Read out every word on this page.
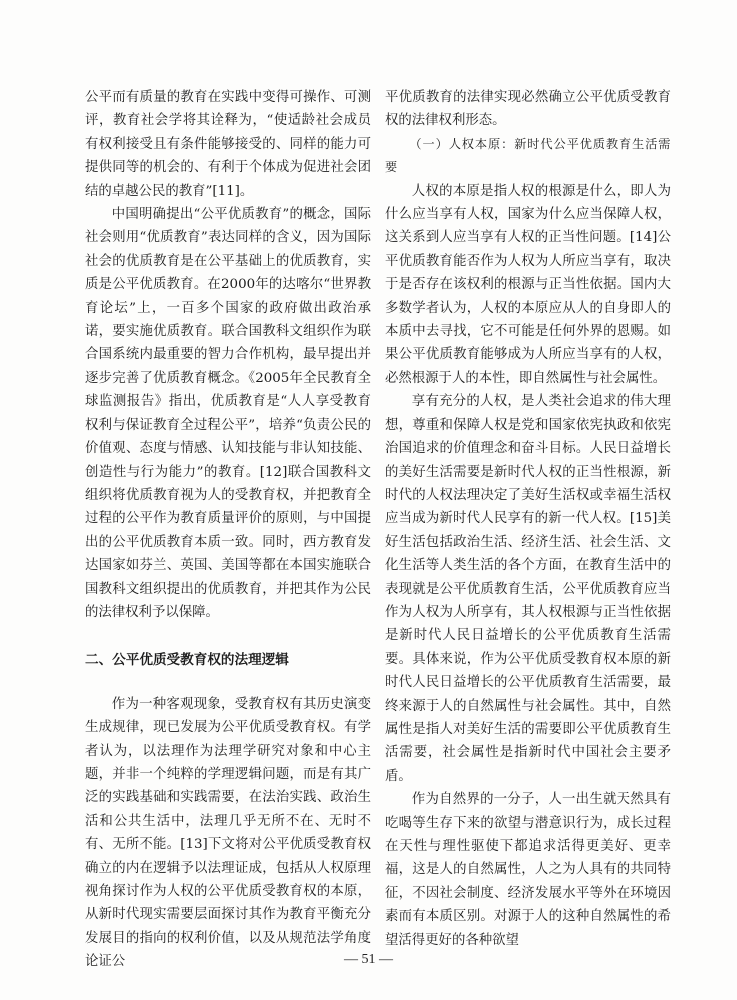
公平而有质量的教育在实践中变得可操作、可测评，教育社会学将其诠释为，“使适龄社会成员有权利接受且有条件能够接受的、同样的能力可提供同等的机会的、有利于个体成为促进社会团结的卓越公民的教育”[11]。

中国明确提出“公平优质教育”的概念，国际社会则用“优质教育”表达同样的含义，因为国际社会的优质教育是在公平基础上的优质教育，实质是公平优质教育。在2000年的达喀尔“世界教育论坛”上，一百多个国家的政府做出政治承诺，要实施优质教育。联合国教科文组织作为联合国系统内最重要的智力合作机构，最早提出并逐步完善了优质教育概念。《2005年全民教育全球监测报告》指出，优质教育是“人人享受教育权利与保证教育全过程公平”，培养“负责公民的价值观、态度与情感、认知技能与非认知技能、创造性与行为能力”的教育。[12]联合国教科文组织将优质教育视为人的受教育权，并把教育全过程的公平作为教育质量评价的原则，与中国提出的公平优质教育本质一致。同时，西方教育发达国家如芬兰、英国、美国等都在本国实施联合国教科文组织提出的优质教育，并把其作为公民的法律权利予以保障。

二、公平优质受教育权的法理逻辑

作为一种客观现象，受教育权有其历史演变生成规律，现已发展为公平优质受教育权。有学者认为，以法理作为法理学研究对象和中心主题，并非一个纯粹的学理逻辑问题，而是有其广泛的实践基础和实践需要，在法治实践、政治生活和公共生活中，法理几乎无所不在、无时不有、无所不能。[13]下文将对公平优质受教育权确立的内在逻辑予以法理证成，包括从人权原理视角探讨作为人权的公平优质受教育权的本原，从新时代现实需要层面探讨其作为教育平衡充分发展目的指向的权利价值，以及从规范法学角度论证公

平优质教育的法律实现必然确立公平优质受教育权的法律权利形态。

（一）人权本原：新时代公平优质教育生活需要

人权的本原是指人权的根源是什么，即人为什么应当享有人权，国家为什么应当保障人权，这关系到人应当享有人权的正当性问题。[14]公平优质教育能否作为人权为人所应当享有，取决于是否存在该权利的根源与正当性依据。国内大多数学者认为，人权的本原应从人的自身即人的本质中去寻找，它不可能是任何外界的恩赐。如果公平优质教育能够成为人所应当享有的人权，必然根源于人的本性，即自然属性与社会属性。

享有充分的人权，是人类社会追求的伟大理想，尊重和保障人权是党和国家依宪执政和依宪治国追求的价值理念和奋斗目标。人民日益增长的美好生活需要是新时代人权的正当性根源，新时代的人权法理决定了美好生活权或幸福生活权应当成为新时代人民享有的新一代人权。[15]美好生活包括政治生活、经济生活、社会生活、文化生活等人类生活的各个方面，在教育生活中的表现就是公平优质教育生活，公平优质教育应当作为人权为人所享有，其人权根源与正当性依据是新时代人民日益增长的公平优质教育生活需要。具体来说，作为公平优质受教育权本原的新时代人民日益增长的公平优质教育生活需要，最终来源于人的自然属性与社会属性。其中，自然属性是指人对美好生活的需要即公平优质教育生活需要，社会属性是指新时代中国社会主要矛盾。

作为自然界的一分子，人一出生就天然具有吃喝等生存下来的欲望与潜意识行为，成长过程在天性与理性驱使下都追求活得更美好、更幸福，这是人的自然属性，人之为人具有的共同特征，不因社会制度、经济发展水平等外在环境因素而有本质区别。对源于人的这种自然属性的希望活得更好的各种欲望

— 51 —
